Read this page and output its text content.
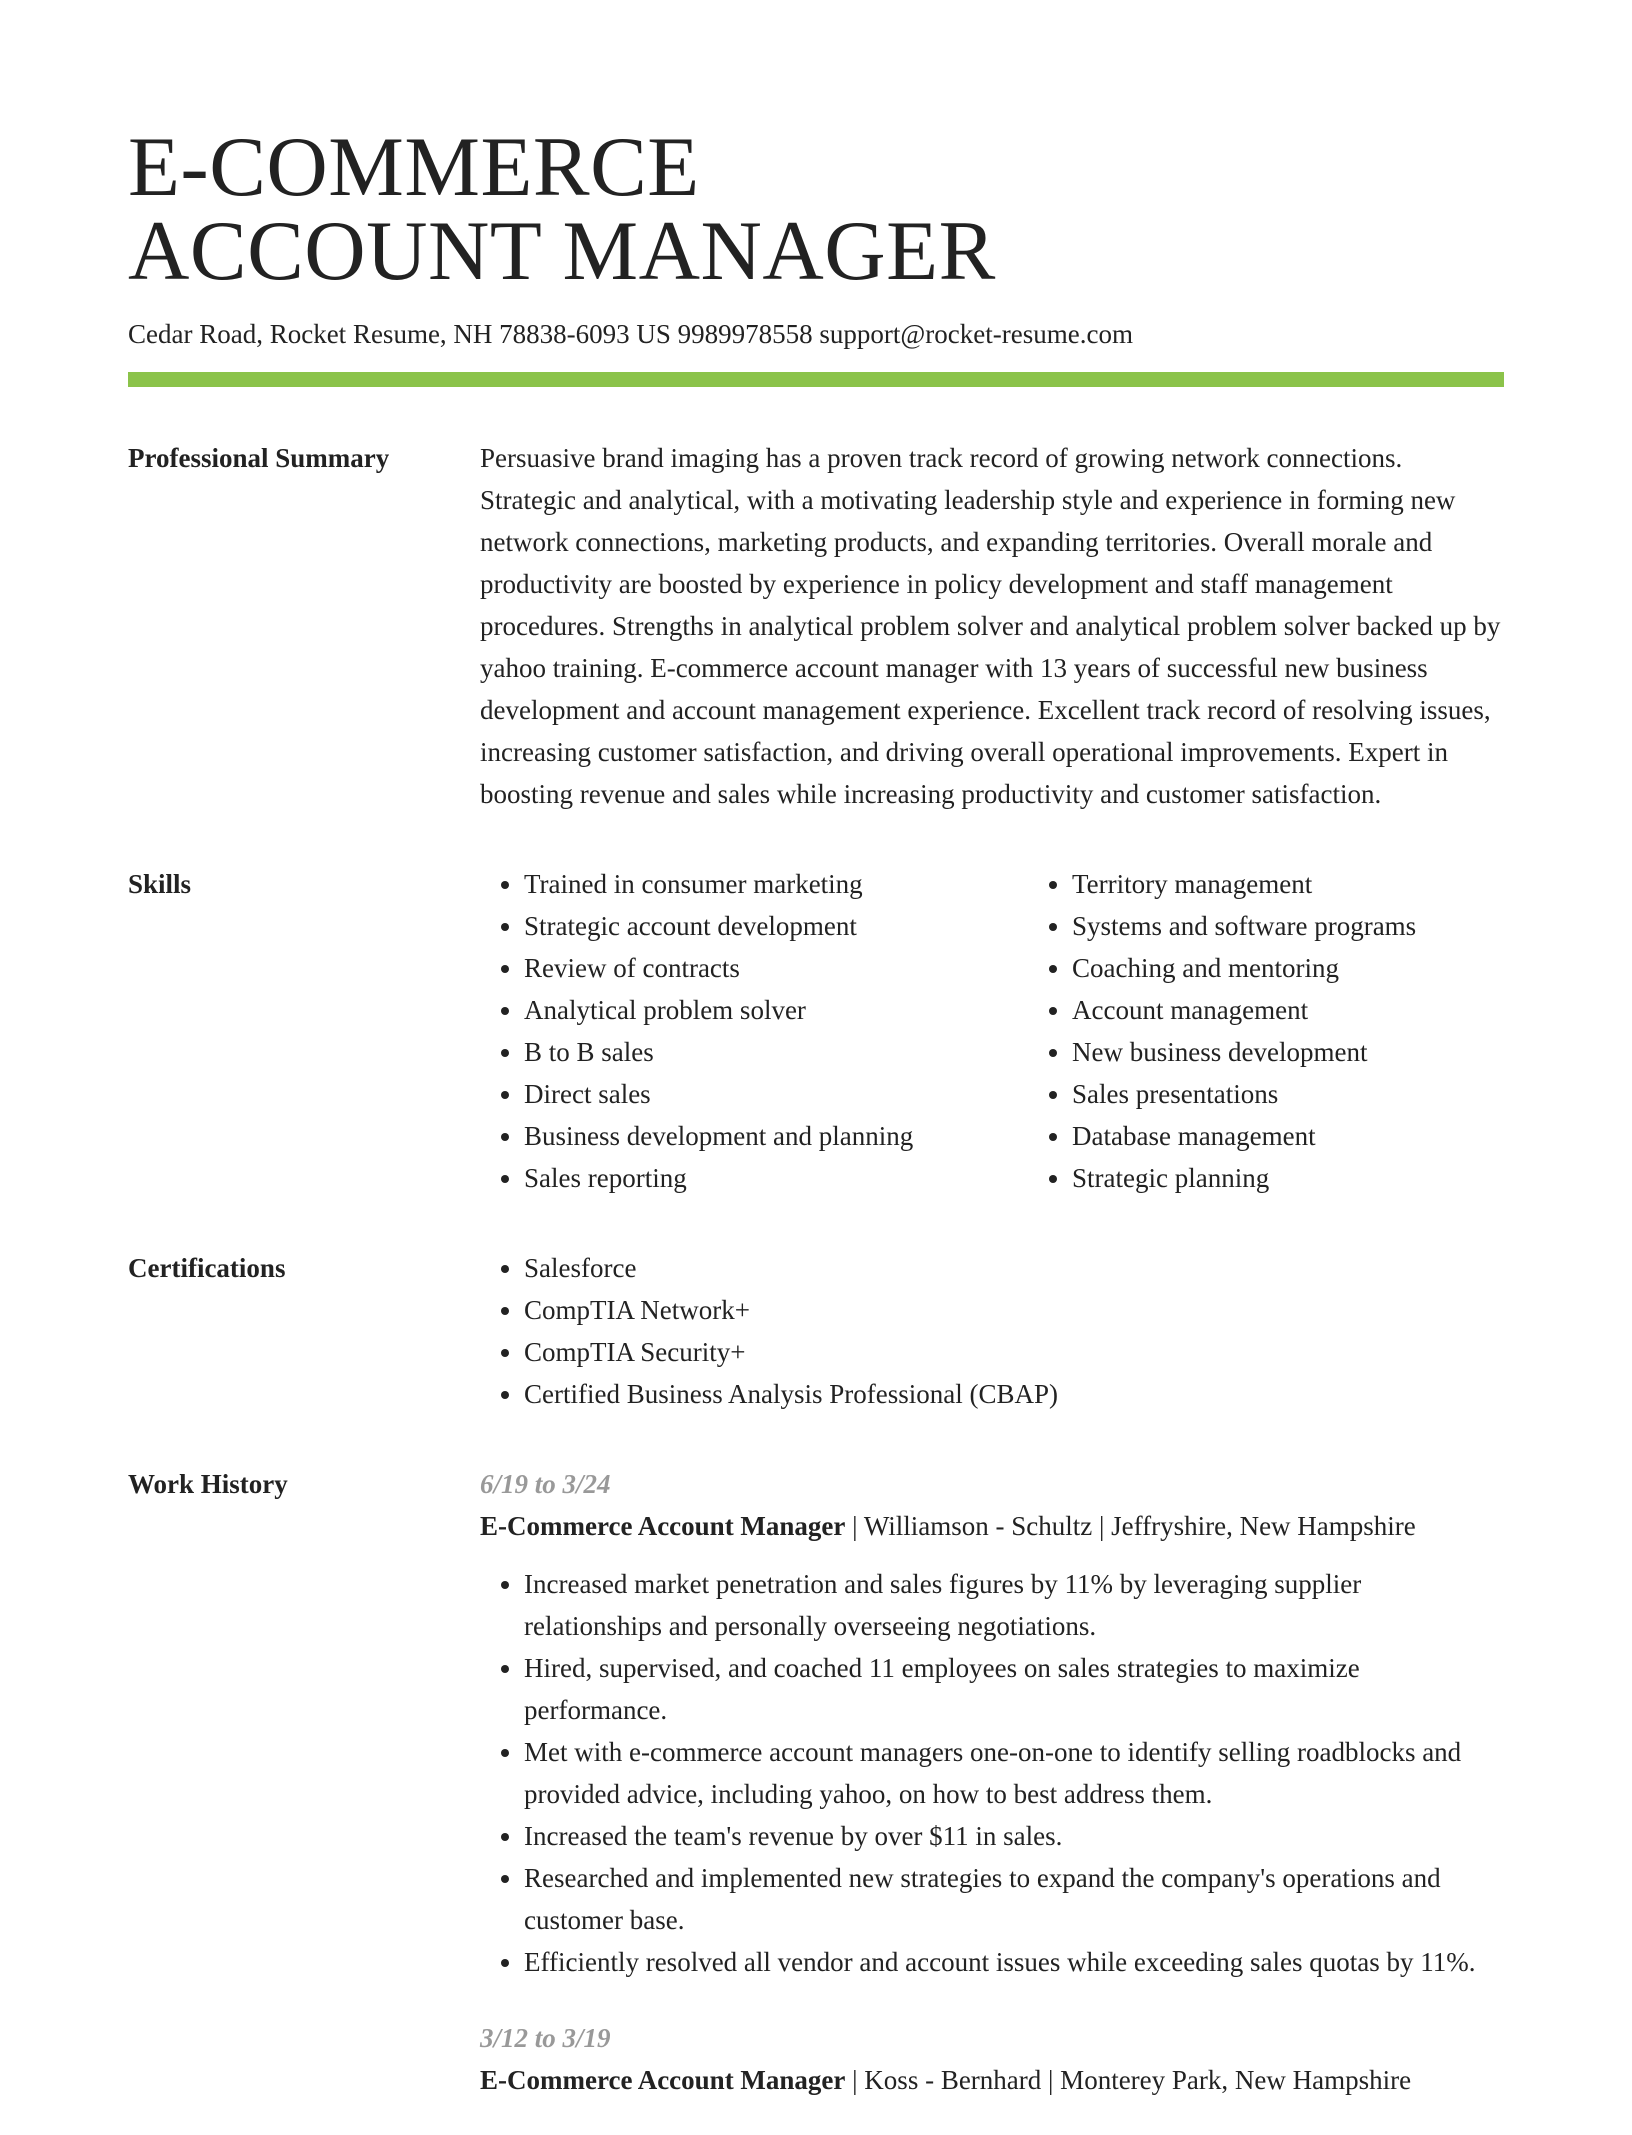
E-COMMERCE
ACCOUNT MANAGER
Cedar Road, Rocket Resume, NH 78838-6093 US 9989978558 support@rocket-resume.com
Professional Summary	Persuasive brand imaging has a proven track record of growing network connections. Strategic and analytical, with a motivating leadership style and experience in forming new network connections, marketing products, and expanding territories. Overall morale and productivity are boosted by experience in policy development and staff management procedures. Strengths in analytical problem solver and analytical problem solver backed up by yahoo training. E-commerce account manager with 13 years of successful new business development and account management experience. Excellent track record of resolving issues, increasing customer satisfaction, and driving overall operational improvements. Expert in boosting revenue and sales while increasing productivity and customer satisfaction.

Skills	• Trained in consumer marketing
• Strategic account development
• Review of contracts
• Analytical problem solver
• B to B sales
• Direct sales
• Business development and planning
• Sales reporting
• Territory management
• Systems and software programs
• Coaching and mentoring
• Account management
• New business development
• Sales presentations
• Database management
• Strategic planning
Certifications	• Salesforce
• CompTIA Network+
• CompTIA Security+
• Certified Business Analysis Professional (CBAP)
Work History	6/19 to 3/24
E-Commerce Account Manager | Williamson - Schultz | Jeffryshire, New Hampshire
• Increased market penetration and sales figures by 11% by leveraging supplier relationships and personally overseeing negotiations.
• Hired, supervised, and coached 11 employees on sales strategies to maximize performance.
• Met with e-commerce account managers one-on-one to identify selling roadblocks and provided advice, including yahoo, on how to best address them.
• Increased the team's revenue by over $11 in sales.
• Researched and implemented new strategies to expand the company's operations and customer base.
• Efficiently resolved all vendor and account issues while exceeding sales quotas by 11%.
3/12 to 3/19
E-Commerce Account Manager | Koss - Bernhard | Monterey Park, New Hampshire
